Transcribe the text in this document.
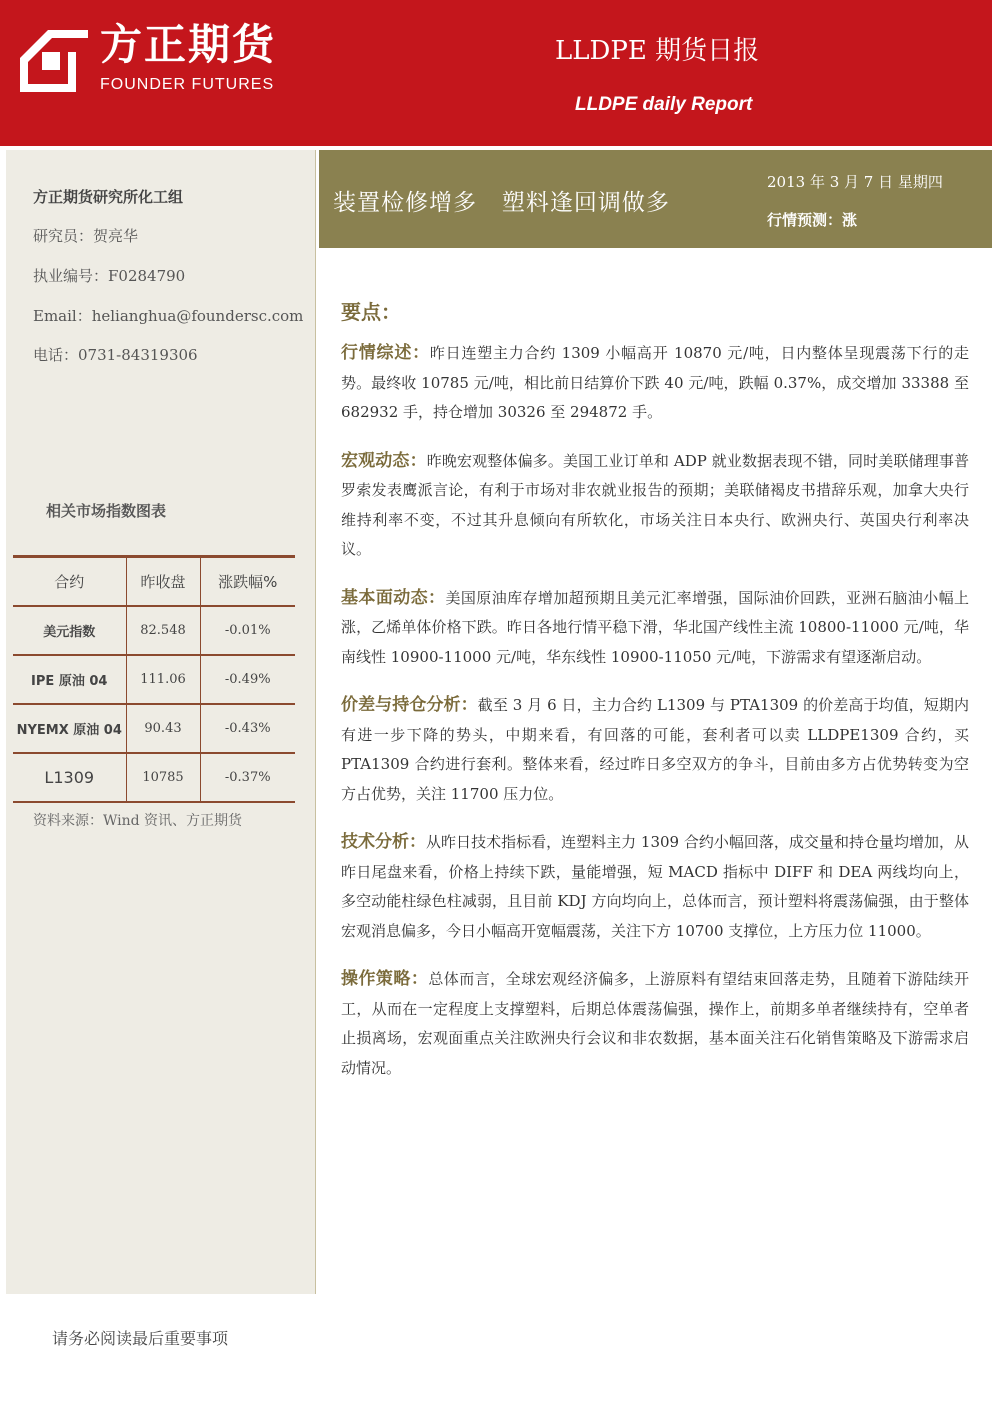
方正期货
FOUNDER FUTURES
LLDPE 期货日报
LLDPE daily Report
方正期货研究所化工组
研究员：贺亮华
执业编号：F0284790
Email：helianghua@foundersc.com
电话：0731-84319306
相关市场指数图表
合约	昨收盘	涨跌幅%
美元指数	82.548	-0.01%
IPE 原油 04	111.06	-0.49%
NYEMX 原油 04	90.43	-0.43%
L1309	10785	-0.37%
资料来源：Wind 资讯、方正期货
装置检修增多   塑料逢回调做多
2013 年 3 月 7 日 星期四
行情预测：涨
要点：

行情综述：昨日连塑主力合约 1309 小幅高开 10870 元/吨，日内整体呈现震荡下行的走势。最终收 10785 元/吨，相比前日结算价下跌 40 元/吨，跌幅 0.37%，成交增加 33388 至 682932 手，持仓增加 30326 至 294872 手。

宏观动态：昨晚宏观整体偏多。美国工业订单和 ADP 就业数据表现不错，同时美联储理事普罗索发表鹰派言论，有利于市场对非农就业报告的预期；美联储褐皮书措辞乐观，加拿大央行维持利率不变，不过其升息倾向有所软化，市场关注日本央行、欧洲央行、英国央行利率决议。

基本面动态：美国原油库存增加超预期且美元汇率增强，国际油价回跌，亚洲石脑油小幅上涨，乙烯单体价格下跌。昨日各地行情平稳下滑，华北国产线性主流 10800-11000 元/吨，华南线性 10900-11000 元/吨，华东线性 10900-11050 元/吨，下游需求有望逐渐启动。

价差与持仓分析：截至 3 月 6 日，主力合约 L1309 与 PTA1309 的价差高于均值，短期内有进一步下降的势头，中期来看，有回落的可能，套利者可以卖 LLDPE1309 合约，买 PTA1309 合约进行套利。整体来看，经过昨日多空双方的争斗，目前由多方占优势转变为空方占优势，关注 11700 压力位。

技术分析：从昨日技术指标看，连塑料主力 1309 合约小幅回落，成交量和持仓量均增加，从昨日尾盘来看，价格上持续下跌，量能增强，短 MACD 指标中 DIFF 和 DEA 两线均向上，多空动能柱绿色柱减弱，且目前 KDJ 方向均向上，总体而言，预计塑料将震荡偏强，由于整体宏观消息偏多，今日小幅高开宽幅震荡，关注下方 10700 支撑位，上方压力位 11000。

操作策略：总体而言，全球宏观经济偏多，上游原料有望结束回落走势，且随着下游陆续开工，从而在一定程度上支撑塑料，后期总体震荡偏强，操作上，前期多单者继续持有，空单者止损离场，宏观面重点关注欧洲央行会议和非农数据，基本面关注石化销售策略及下游需求启动情况。

请务必阅读最后重要事项
